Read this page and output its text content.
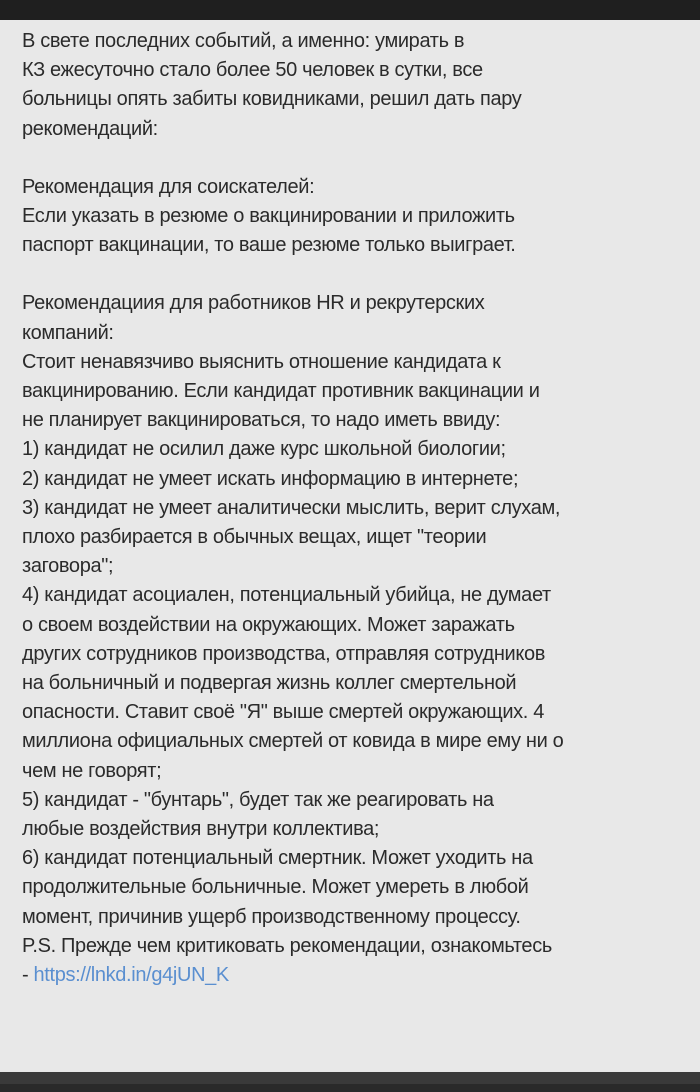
В свете последних событий, а именно: умирать в
КЗ ежесуточно стало более 50 человек в сутки, все
больницы опять забиты ковидниками, решил дать пару
рекомендаций:
Рекомендация для соискателей:
Если указать в резюме о вакцинировании и приложить
паспорт вакцинации, то ваше резюме только выиграет.
Рекомендациия для работников HR и рекрутерских
компаний:
Стоит ненавязчиво выяснить отношение кандидата к
вакцинированию. Если кандидат противник вакцинации и
не планирует вакцинироваться, то надо иметь ввиду:
1) кандидат не осилил даже курс школьной биологии;
2) кандидат не умеет искать информацию в интернете;
3) кандидат не умеет аналитически мыслить, верит слухам,
плохо разбирается в обычных вещах, ищет "теории
заговора";
4) кандидат асоциален, потенциальный убийца, не думает
о своем воздействии на окружающих. Может заражать
других сотрудников производства, отправляя сотрудников
на больничный и подвергая жизнь коллег смертельной
опасности. Ставит своё "Я" выше смертей окружающих. 4
миллиона официальных смертей от ковида в мире ему ни о
чем не говорят;
5) кандидат - "бунтарь", будет так же реагировать на
любые воздействия внутри коллектива;
6) кандидат потенциальный смертник. Может уходить на
продолжительные больничные. Может умереть в любой
момент, причинив ущерб производственному процессу.
P.S. Прежде чем критиковать рекомендации, ознакомьтесь
- https://lnkd.in/g4jUN_K
